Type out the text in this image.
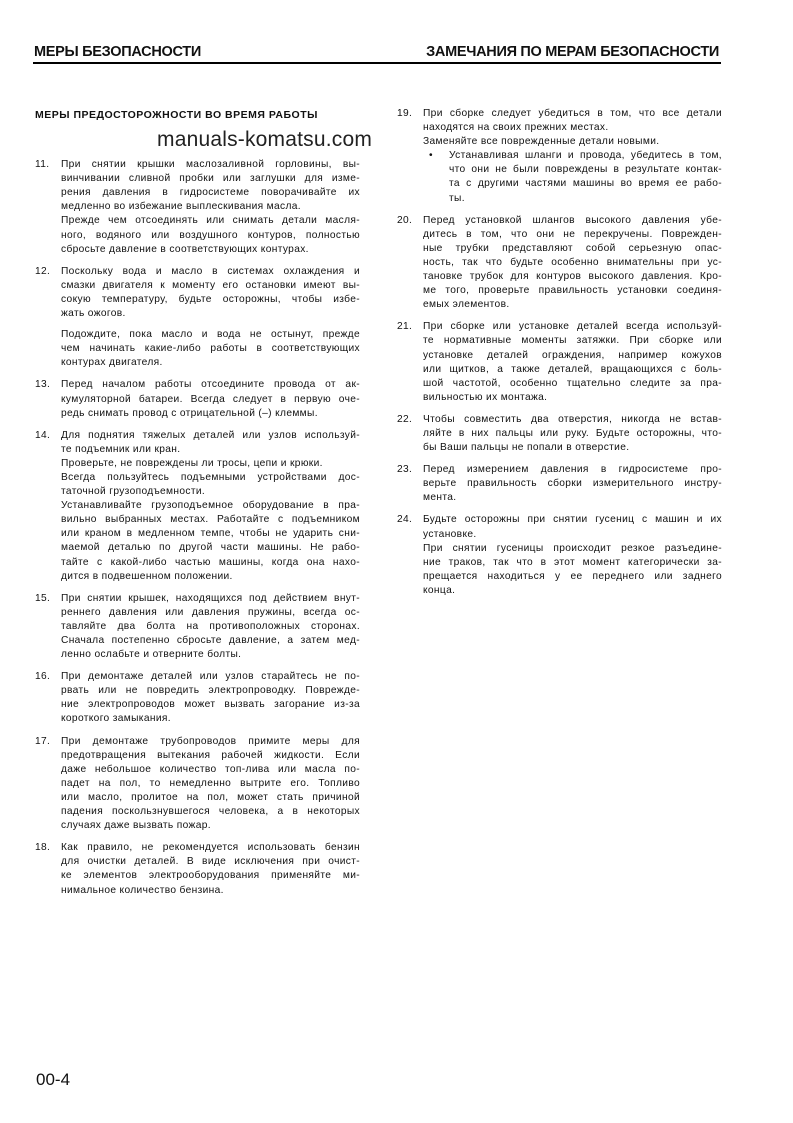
МЕРЫ БЕЗОПАСНОСТИ	ЗАМЕЧАНИЯ ПО МЕРАМ БЕЗОПАСНОСТИ
manuals-komatsu.com
МЕРЫ ПРЕДОСТОРОЖНОСТИ ВО ВРЕМЯ РАБОТЫ
11. При снятии крышки маслозаливной горловины, вы-
винчивании сливной пробки или заглушки для изме-
рения давления в гидросистеме поворачивайте их
медленно во избежание выплескивания масла.
Прежде чем отсоединять или снимать детали масля-
ного, водяного или воздушного контуров, полностью
сбросьте давление в соответствующих контурах.
12. Поскольку вода и масло в системах охлаждения и
смазки двигателя к моменту его остановки имеют вы-
сокую температуру, будьте осторожны, чтобы избе-
жать ожогов.
Подождите, пока масло и вода не остынут, прежде
чем начинать какие-либо работы в соответствующих
контурах двигателя.
13. Перед началом работы отсоедините провода от ак-
кумуляторной батареи. Всегда следует в первую оче-
редь снимать провод с отрицательной (–) клеммы.
14. Для поднятия тяжелых деталей или узлов используй-
те подъемник или кран.
Проверьте, не повреждены ли тросы, цепи и крюки.
Всегда пользуйтесь подъемными устройствами дос-
таточной грузоподъемности.
Устанавливайте грузоподъемное оборудование в пра-
вильно выбранных местах. Работайте с подъемником
или краном в медленном темпе, чтобы не ударить сни-
маемой деталью по другой части машины. Не рабо-
тайте с какой-либо частью машины, когда она нахо-
дится в подвешенном положении.
15. При снятии крышек, находящихся под действием внут-
реннего давления или давления пружины, всегда ос-
тавляйте два болта на противоположных сторонах.
Сначала постепенно сбросьте давление, а затем мед-
ленно ослабьте и отверните болты.
16. При демонтаже деталей или узлов старайтесь не по-
рвать или не повредить электропроводку. Поврежде-
ние электропроводов может вызвать загорание из-за
короткого замыкания.
17. При демонтаже трубопроводов примите меры для
предотвращения вытекания рабочей жидкости. Если
даже небольшое количество топ-лива или масла по-
падет на пол, то немедленно вытрите его. Топливо
или масло, пролитое на пол, может стать причиной
падения поскользнувшегося человека, а в некоторых
случаях даже вызвать пожар.
18. Как правило, не рекомендуется использовать бензин
для очистки деталей. В виде исключения при очист-
ке элементов электрооборудования применяйте ми-
нимальное количество бензина.
19. При сборке следует убедиться в том, что все детали
находятся на своих прежних местах.
Заменяйте все поврежденные детали новыми.
• Устанавливая шланги и провода, убедитесь в том,
что они не были повреждены в результате контак-
та с другими частями машины во время ее рабо-
ты.
20. Перед установкой шлангов высокого давления убе-
дитесь в том, что они не перекручены. Поврежден-
ные трубки представляют собой серьезную опас-
ность, так что будьте особенно внимательны при ус-
тановке трубок для контуров высокого давления. Кро-
ме того, проверьте правильность установки соединя-
емых элементов.
21. При сборке или установке деталей всегда используй-
те нормативные моменты затяжки. При сборке или
установке деталей ограждения, например кожухов
или щитков, а также деталей, вращающихся с боль-
шой частотой, особенно тщательно следите за пра-
вильностью их монтажа.
22. Чтобы совместить два отверстия, никогда не встав-
ляйте в них пальцы или руку. Будьте осторожны, что-
бы Ваши пальцы не попали в отверстие.
23. Перед измерением давления в гидросистеме про-
верьте правильность сборки измерительного инстру-
мента.
24. Будьте осторожны при снятии гусениц с машин и их
установке.
При снятии гусеницы происходит резкое разъедине-
ние траков, так что в этот момент категорически за-
прещается находиться у ее переднего или заднего
конца.
00-4
